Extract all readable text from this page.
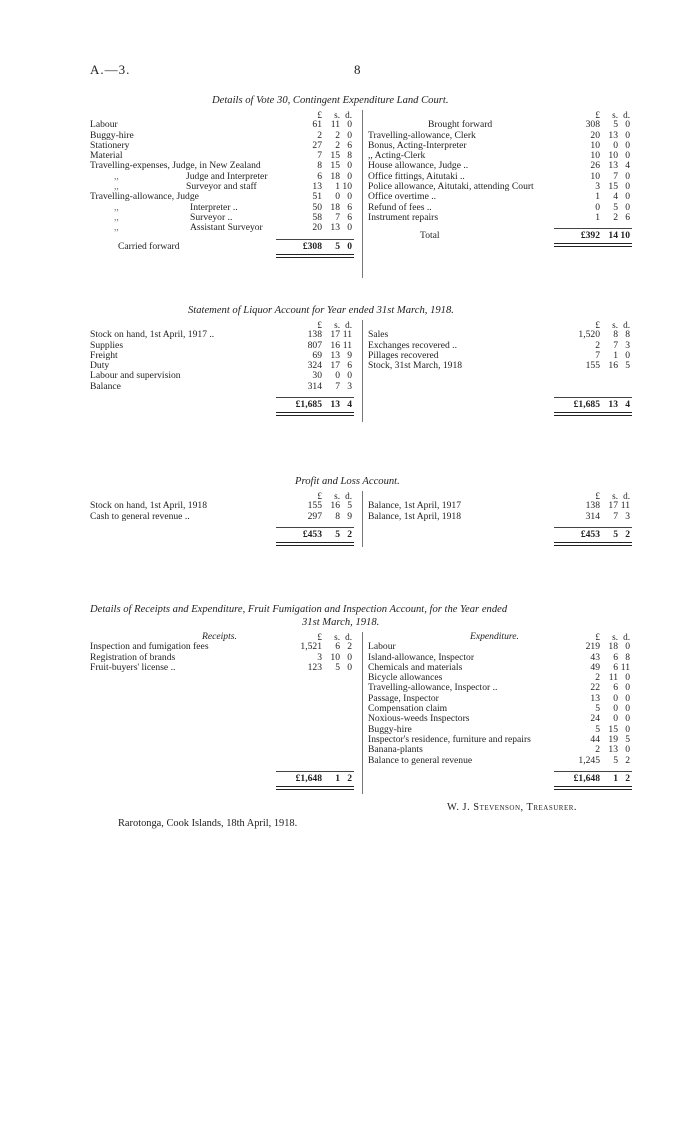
A.—3.	8
Details of Vote 30, Contingent Expenditure Land Court.
£	s. d.
Labour	61 11 0
Buggy-hire	2	2 0
Stationery	27	2 6
Material	7 15 8
Travelling-expenses, Judge, in New Zealand	8 15 0
,,	Judge and Interpreter	6 18 0
,,	Surveyor and staff	13	1 10
Travelling-allowance, Judge	51	0 0
,,	Interpreter ..	50 18 6
,,	Surveyor ..	58	7 6
,,	Assistant Surveyor	20 13 0
Carried forward	£308	5 0
£	s. d.
Brought forward	308	5 0
Travelling-allowance, Clerk	20 13 0
Bonus, Acting-Interpreter	10	0 0
,, Acting-Clerk	10 10 0
House allowance, Judge ..	26 13 4
Office fittings, Aitutaki ..	10	7 0
Police allowance, Aitutaki, attending Court	3 15 0
Office overtime ..	1	4 0
Refund of fees ..	0	5 0
Instrument repairs	1	2 6
Total	£392 14 10
Statement of Liquor Account for Year ended 31st March, 1918.
£	s. d.
Stock on hand, 1st April, 1917 ..	138 17 11
Supplies	807 16 11
Freight	69 13 9
Duty	324 17 6
Labour and supervision	30	0 0
Balance	314	7 3
£1,685 13 4
£	s. d.
Sales	1,520	8 8
Exchanges recovered ..	2	7 3
Pillages recovered	7	1 0
Stock, 31st March, 1918	155 16 5
£1,685 13 4
Profit and Loss Account.
£	s. d.
Stock on hand, 1st April, 1918	155 16 5
Cash to general revenue ..	297	8 9
£453	5 2
£	s. d.
Balance, 1st April, 1917	138 17 11
Balance, 1st April, 1918	314	7 3
£453	5 2
Details of Receipts and Expenditure, Fruit Fumigation and Inspection Account, for the Year ended
31st March, 1918.
Receipts.	£	s. d.
Inspection and fumigation fees	1,521	6 2
Registration of brands	3 10 0
Fruit-buyers' license ..	123	5 0
£1,648	1 2
Expenditure.	£	s. d.
Labour	219 18 0
Island-allowance, Inspector	43	6 8
Chemicals and materials	49	6 11
Bicycle allowances	2 11 0
Travelling-allowance, Inspector ..	22	6 0
Passage, Inspector	13	0 0
Compensation claim	5	0 0
Noxious-weeds Inspectors	24	0 0
Buggy-hire	5 15 0
Inspector's residence, furniture and repairs	44 19 5
Banana-plants	2 13 0
Balance to general revenue	1,245	5 2
£1,648	1 2
W. J. Stevenson, Treasurer.
Rarotonga, Cook Islands, 18th April, 1918.
